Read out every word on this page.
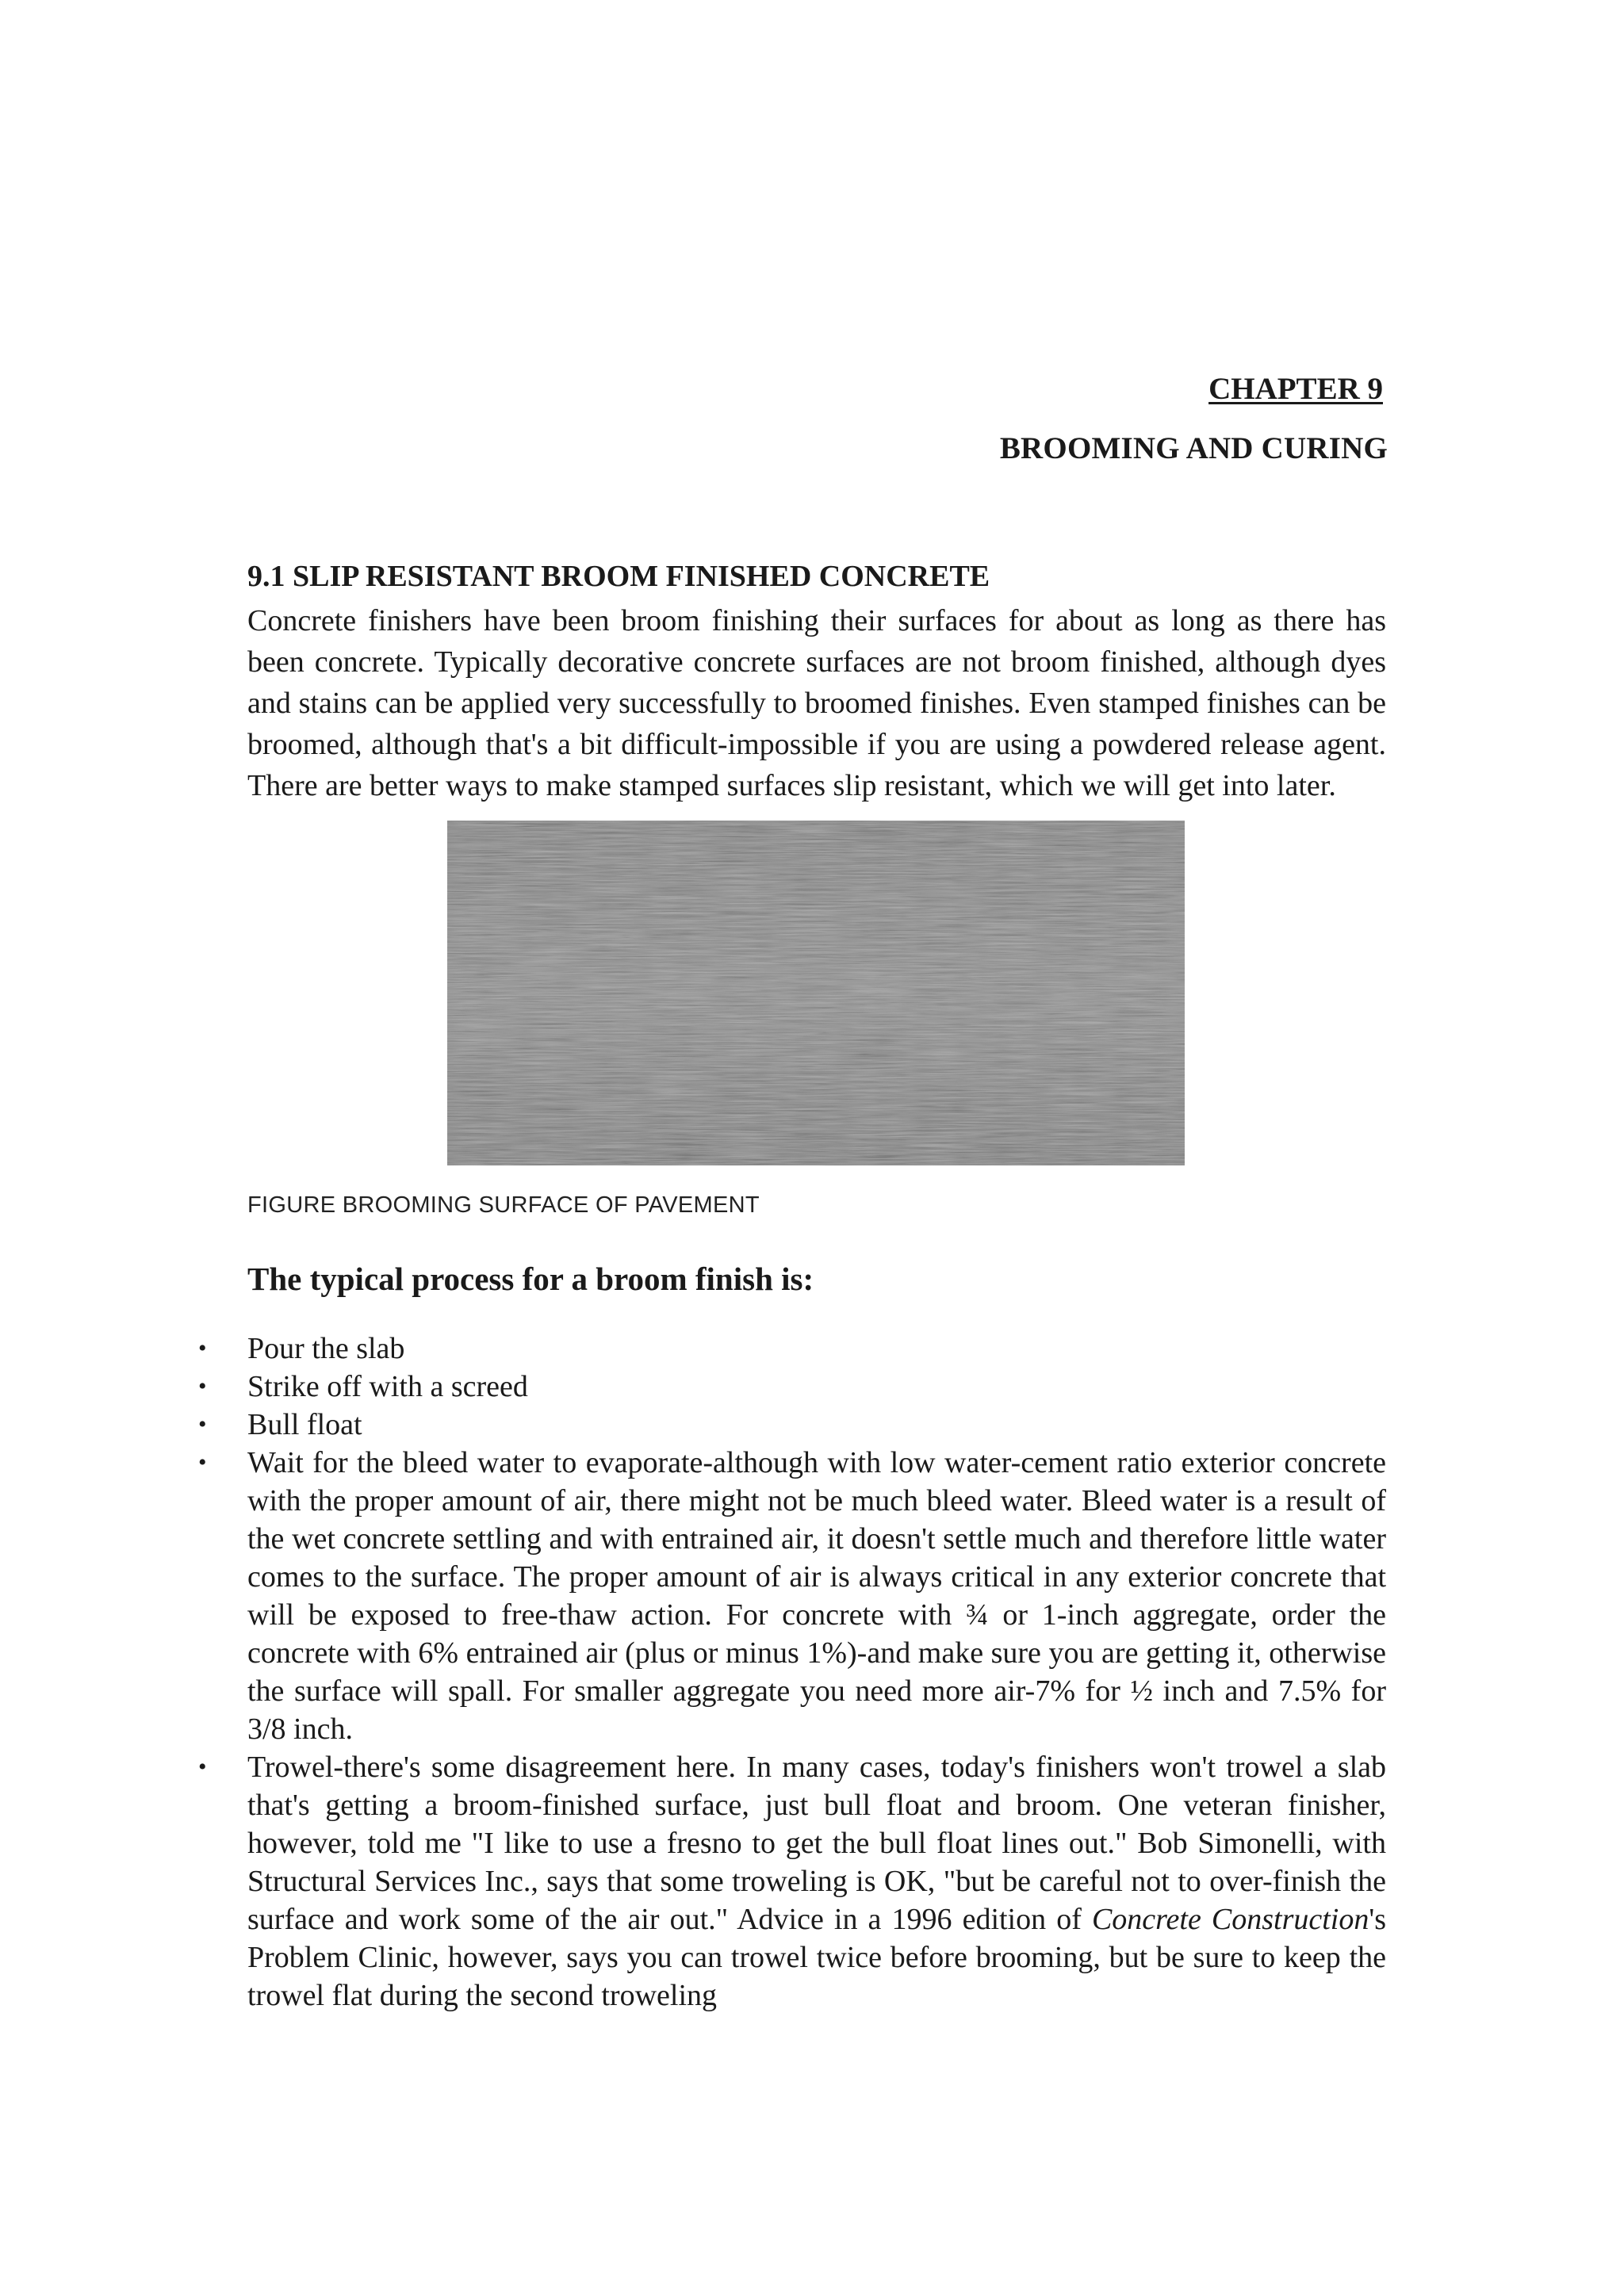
CHAPTER 9
BROOMING AND CURING
9.1 SLIP RESISTANT BROOM FINISHED CONCRETE

Concrete finishers have been broom finishing their surfaces for about as long as there has been concrete. Typically decorative concrete surfaces are not broom finished, although dyes and stains can be applied very successfully to broomed finishes. Even stamped finishes can be broomed, although that's a bit difficult-impossible if you are using a powdered release agent. There are better ways to make stamped surfaces slip resistant, which we will get into later.

FIGURE BROOMING SURFACE OF PAVEMENT
The typical process for a broom finish is:
• Pour the slab
• Strike off with a screed
• Bull float
• Wait for the bleed water to evaporate-although with low water-cement ratio exterior concrete with the proper amount of air, there might not be much bleed water. Bleed water is a result of the wet concrete settling and with entrained air, it doesn't settle much and therefore little water comes to the surface. The proper amount of air is always critical in any exterior concrete that will be exposed to free-thaw action. For concrete with ¾ or 1-inch aggregate, order the concrete with 6% entrained air (plus or minus 1%)-and make sure you are getting it, otherwise the surface will spall. For smaller aggregate you need more air-7% for ½ inch and 7.5% for 3/8 inch.
• Trowel-there's some disagreement here. In many cases, today's finishers won't trowel a slab that's getting a broom-finished surface, just bull float and broom. One veteran finisher, however, told me "I like to use a fresno to get the bull float lines out." Bob Simonelli, with Structural Services Inc., says that some troweling is OK, "but be careful not to over-finish the surface and work some of the air out." Advice in a 1996 edition of Concrete Construction's Problem Clinic, however, says you can trowel twice before brooming, but be sure to keep the trowel flat during the second troweling
